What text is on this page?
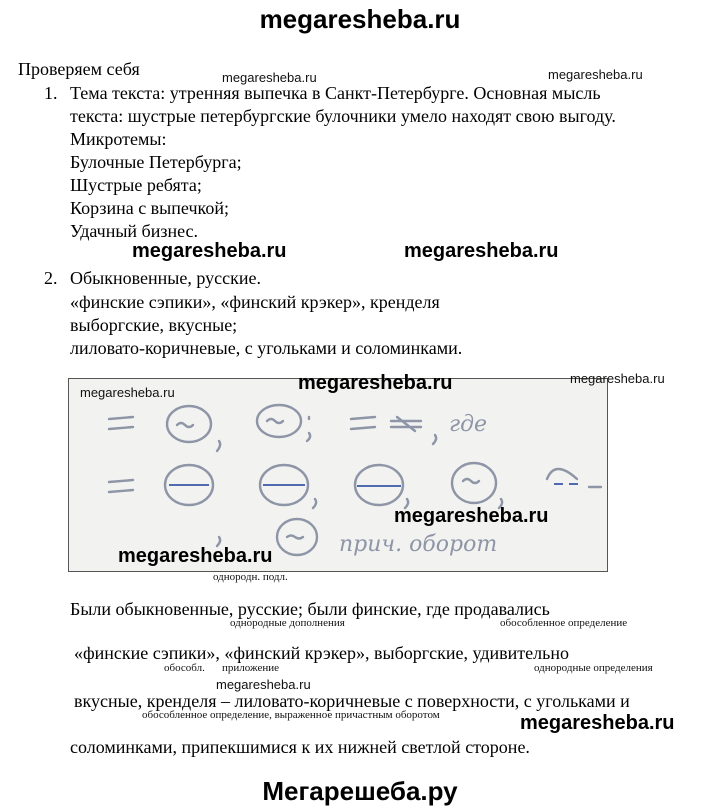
megaresheba.ru
Проверяем себя
1. Тема текста: утренняя выпечка в Санкт-Петербурге. Основная мысль
текста: шустрые петербургские булочники умело находят свою выгоду.
Микротемы:
Булочные Петербурга;
Шустрые ребята;
Корзина с выпечкой;
Удачный бизнес.
2. Обыкновенные, русские.
«финские сэпики», «финский крэкер», кренделя
выборгские, вкусные;
лиловато-коричневые, с угольками и соломинками.
где
прич. оборот
однородн. подл.
Были обыкновенные, русские; были финские, где продавались
однородные дополнения	обособленное определение
«финские сэпики», «финский крэкер», выборгские, удивительно
обособл. приложение	однородные определения
вкусные, кренделя – лиловато-коричневые с поверхности, с угольками и
обособленное определение, выраженное причастным оборотом
соломинками, припекшимися к их нижней светлой стороне.
megaresheba.ru	megaresheba.ru
megaresheba.ru	megaresheba.ru
megaresheba.ru	megaresheba.ru	megaresheba.ru
megaresheba.ru
megaresheba.ru
megaresheba.ru
megaresheba.ru
Мегарешеба.ру
